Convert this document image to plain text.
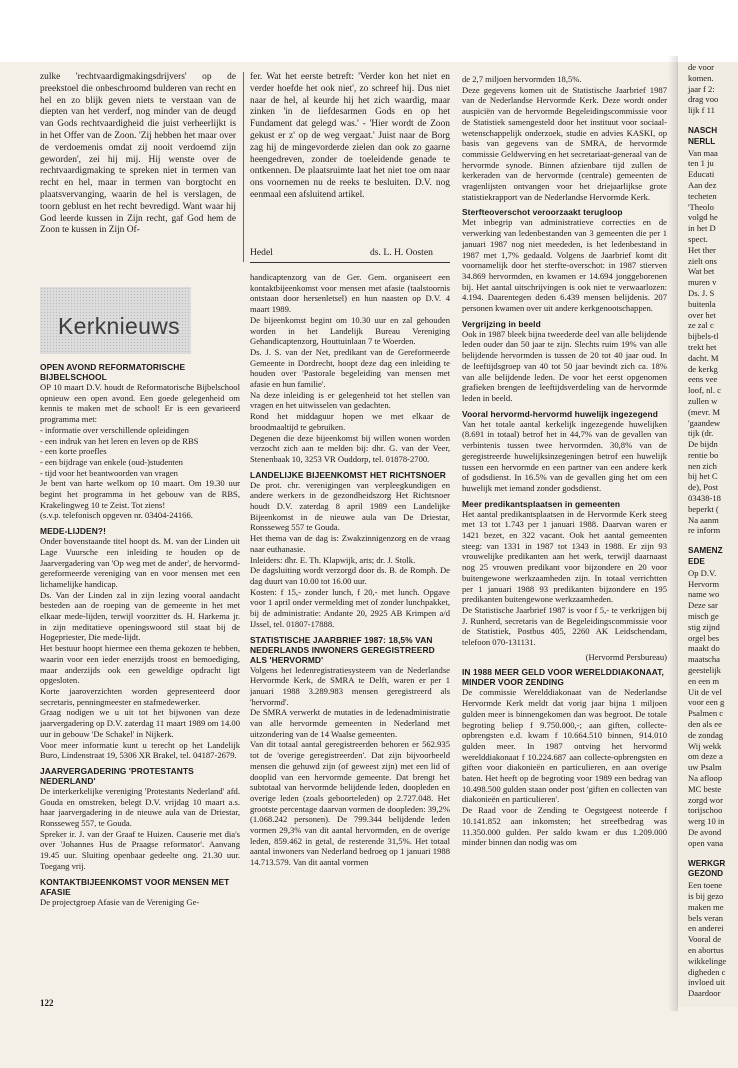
zulke 'rechtvaardigmakingsdrijvers' op de preekstoel die onbeschroomd bulderen van recht en hel en zo blijk geven niets te verstaan van de diepten van het verderf, nog minder van de deugd van Gods rechtvaardigheid die juist verheerlijkt is in het Offer van de Zoon. 'Zij hebben het maar over de verdoemenis omdat zij nooit verdoemd zijn geworden', zei hij mij. Hij wenste over de rechtvaardigmaking te spreken niet in termen van recht en hel, maar in termen van borgtocht en plaatsvervanging, waarin de hel is verslagen, de toorn geblust en het recht bevredigd. Want waar hij God leerde kussen in Zijn recht, gaf God hem de Zoon te kussen in Zijn Of-

fer. Wat het eerste betreft: 'Verder kon het niet en verder hoefde het ook niet', zo schreef hij. Dus niet naar de hel, al keurde hij het zich waardig, maar zinken 'in de liefdesarmen Gods en op het Fundament dat gelegd was.' - 'Hier wordt de Zoon gekust er z' op de weg vergaat.' Juist naar de Borg zag hij de mingevorderde zielen dan ook zo gaarne heengedreven, zonder de toeleidende genade te ontkennen. De plaatsruimte laat het niet toe om naar ons voornemen nu de reeks te besluiten. D.V. nog eenmaal een afsluitend artikel.

Hedel	ds. L. H. Oosten
Kerknieuws
OPEN AVOND REFORMATORISCHE BIJBELSCHOOL

OP 10 maart D.V. houdt de Reformatorische Bijbelschool opnieuw een open avond. Een goede gelegenheid om kennis te maken met de school! Er is een gevarieerd programma met:

- informatie over verschillende opleidingen

- een indruk van het leren en leven op de RBS

- een korte proefles

- een bijdrage van enkele (oud-)studenten

- tijd voor het beantwoorden van vragen

Je bent van harte welkom op 10 maart. Om 19.30 uur begint het programma in het gebouw van de RBS, Krakelingweg 10 te Zeist. Tot ziens!

(s.v.p. telefonisch opgeven nr. 03404-24166.

MEDE-LIJDEN?!

Onder bovenstaande titel hoopt ds. M. van der Linden uit Lage Vuursche een inleiding te houden op de Jaarvergadering van 'Op weg met de ander', de hervormd-gereformeerde vereniging van en voor mensen met een lichamelijke handicap.

Ds. Van der Linden zal in zijn lezing vooral aandacht besteden aan de roeping van de gemeente in het met elkaar mede-lijden, terwijl voorzitter ds. H. Harkema jr. in zijn meditatieve openingswoord stil staat bij de Hogepriester, Die mede-lijdt.

Het bestuur hoopt hiermee een thema gekozen te hebben, waarin voor een ieder enerzijds troost en bemoediging, maar anderzijds ook een geweldige opdracht ligt opgesloten.

Korte jaaroverzichten worden gepresenteerd door secretaris, penningmeester en stafmedewerker.

Graag nodigen we u uit tot het bijwonen van deze jaarvergadering op D.V. zaterdag 11 maart 1989 om 14.00 uur in gebouw 'De Schakel' in Nijkerk.

Voor meer informatie kunt u terecht op het Landelijk Buro, Lindenstraat 19, 5306 XR Brakel, tel. 04187-2679.

JAARVERGADERING 'PROTESTANTS NEDERLAND'

De interkerkelijke vereniging 'Protestants Nederland' afd. Gouda en omstreken, belegt D.V. vrijdag 10 maart a.s. haar jaarvergadering in de nieuwe aula van de Driestar, Ronsseweg 557, te Gouda.

Spreker ir. J. van der Graaf te Huizen. Causerie met dia's over 'Johannes Hus de Praagse reformator'. Aanvang 19.45 uur. Sluiting openbaar gedeelte ong. 21.30 uur. Toegang vrij.

KONTAKTBIJEENKOMST VOOR MENSEN MET AFASIE

De projectgroep Afasie van de Vereniging Ge-

handicaptenzorg van de Ger. Gem. organiseert een kontaktbijeenkomst voor mensen met afasie (taalstoornis ontstaan door hersenletsel) en hun naasten op D.V. 4 maart 1989.

De bijeenkomst begint om 10.30 uur en zal gehouden worden in het Landelijk Bureau Vereniging Gehandicaptenzorg, Houttuinlaan 7 te Woerden.

Ds. J. S. van der Net, predikant van de Gereformeerde Gemeente in Dordrecht, hoopt deze dag een inleiding te houden over 'Pastorale begeleiding van mensen met afasie en hun familie'.

Na deze inleiding is er gelegenheid tot het stellen van vragen en het uitwisselen van gedachten.

Rond het middaguur hopen we met elkaar de broodmaaltijd te gebruiken.

Degenen die deze bijeenkomst bij willen wonen worden verzocht zich aan te melden bij: dhr. G. van der Veer, Stenenbaak 10, 3253 VR Ouddorp, tel. 01878-2700.

LANDELIJKE BIJEENKOMST HET RICHTSNOER

De prot. chr. verenigingen van verpleegkundigen en andere werkers in de gezondheidszorg Het Richtsnoer houdt D.V. zaterdag 8 april 1989 een Landelijke Bijeenkomst in de nieuwe aula van De Driestar, Ronsseweg 557 te Gouda.

Het thema van de dag is: Zwakzinnigenzorg en de vraag naar euthanasie.

Inleiders: dhr. E. Th. Klapwijk, arts; dr. J. Stolk.

De dagsluiting wordt verzorgd door ds. B. de Romph. De dag duurt van 10.00 tot 16.00 uur.

Kosten: f 15,- zonder lunch, f 20,- met lunch. Opgave voor 1 april onder vermelding met of zonder lunchpakket, bij de administratie: Andante 20, 2925 AB Krimpen a/d IJssel, tel. 01807-17888.

STATISTISCHE JAARBRIEF 1987: 18,5% VAN NEDERLANDS INWONERS GEREGISTREERD ALS 'HERVORMD'

Volgens het ledenregistratiesysteem van de Nederlandse Hervormde Kerk, de SMRA te Delft, waren er per 1 januari 1988 3.289.983 mensen geregistreerd als 'hervormd'.

De SMRA verwerkt de mutaties in de ledenadministratie van alle hervormde gemeenten in Nederland met uitzondering van de 14 Waalse gemeenten.

Van dit totaal aantal geregistreerden behoren er 562.935 tot de 'overige geregistreerden'. Dat zijn bijvoorbeeld mensen die gehuwd zijn (of geweest zijn) met een lid of dooplid van een hervormde gemeente. Dat brengt het subtotaal van hervormde belijdende leden, doopleden en overige leden (zoals geboorteleden) op 2.727.048. Het grootste percentage daarvan vormen de doopleden: 39,2% (1.068.242 personen). De 799.344 belijdende leden vormen 29,3% van dit aantal hervormden, en de overige leden, 859.462 in getal, de resterende 31,5%. Het totaal aantal inwoners van Nederland bedroeg op 1 januari 1988 14.713.579. Van dit aantal vormen

de 2,7 miljoen hervormden 18,5%.

Deze gegevens komen uit de Statistische Jaarbrief 1987 van de Nederlandse Hervormde Kerk. Deze wordt onder auspiciën van de hervormde Begeleidingscommissie voor de Statistiek samengesteld door het instituut voor sociaal-wetenschappelijk onderzoek, studie en advies KASKI, op basis van gegevens van de SMRA, de hervormde commissie Geldwerving en het secretariaat-generaal van de hervormde synode. Binnen afzienbare tijd zullen de kerkeraden van de hervormde (centrale) gemeenten de vragenlijsten ontvangen voor het driejaarlijkse grote statistiekrapport van de Nederlandse Hervormde Kerk.

Sterfteoverschot veroorzaakt terugloop

Met inbegrip van administratieve correcties en de verwerking van ledenbestanden van 3 gemeenten die per 1 januari 1987 nog niet meededen, is het ledenbestand in 1987 met 1,7% gedaald. Volgens de Jaarbrief komt dit voornamelijk door het sterfte-overschot: in 1987 stierven 34.869 hervormden, en kwamen er 14.694 jonggeborenen bij. Het aantal uitschrijvingen is ook niet te verwaarlozen: 4.194. Daarentegen deden 6.439 mensen belijdenis. 207 personen kwamen over uit andere kerkgenootschappen.

Vergrijzing in beeld

Ook in 1987 bleek bijna tweederde deel van alle belijdende leden ouder dan 50 jaar te zijn. Slechts ruim 19% van alle belijdende hervormden is tussen de 20 tot 40 jaar oud. In de leeftijdsgroep van 40 tot 50 jaar bevindt zich ca. 18% van alle belijdende leden. De voor het eerst opgenomen grafieken brengen de leeftijdsverdeling van de hervormde leden in beeld.

Vooral hervormd-hervormd huwelijk ingezegend

Van het totale aantal kerkelijk ingezegende huwelijken (8.691 in totaal) betrof het in 44,7% van de gevallen van verbintenis tussen twee hervormden. 30,8% van de geregistreerde huwelijksinzegeningen betrof een huwelijk tussen een hervormde en een partner van een andere kerk of godsdienst. In 16.5% van de gevallen ging het om een huwelijk met iemand zonder godsdienst.

Meer predikantsplaatsen in gemeenten

Het aantal predikantsplaatsen in de Hervormde Kerk steeg met 13 tot 1.743 per 1 januari 1988. Daarvan waren er 1421 bezet, en 322 vacant. Ook het aantal gemeenten steeg: van 1331 in 1987 tot 1343 in 1988. Er zijn 93 vrouwelijke predikanten aan het werk, terwijl daarnaast nog 25 vrouwen predikant voor bijzondere en 20 voor buitengewone werkzaamheden zijn. In totaal verrichtten per 1 januari 1988 93 predikanten bijzondere en 195 predikanten buitengewone werkzaamheden.

De Statistische Jaarbrief 1987 is voor f 5,- te verkrijgen bij J. Runherd, secretaris van de Begeleidingscommissie voor de Statistiek, Postbus 405, 2260 AK Leidschendam, telefoon 070-131131.

(Hervormd Persbureau)

IN 1988 MEER GELD VOOR WERELDDIAKONAAT, MINDER VOOR ZENDING

De commissie Werelddiakonaat van de Nederlandse Hervormde Kerk meldt dat vorig jaar bijna 1 miljoen gulden meer is binnengekomen dan was begroot. De totale begroting beliep f 9.750.000,-; aan giften, collecte-opbrengsten e.d. kwam f 10.664.510 binnen, 914.010 gulden meer. In 1987 ontving het hervormd werelddiakonaat f 10.224.687 aan collecte-opbrengsten en giften voor diakonieën en particulieren, en aan overige baten. Het heeft op de begroting voor 1989 een bedrag van 10.498.500 gulden staan onder post 'giften en collecten van diakonieën en particulieren'.

De Raad voor de Zending te Oegstgeest noteerde f 10.141.852 aan inkomsten; het streefbedrag was 11.350.000 gulden. Per saldo kwam er dus 1.209.000 minder binnen dan nodig was om

122
de voor
komen.
jaar f 2:
drag voo
lijk f 11
NASCH
NERLL
Van maa
ten 1 ju
Educati
Aan dez
techeten
'Theolo
volgd he
in het D
spect.
Het ther
zielt ons
Wat bet
muren v
Ds. J. S
buitenla
over het
ze zal c
bijbels-tl
trekt het
dacht. M
de kerkg
eens vee
loof, nl. c
zullen w
(mevr. M
'gaandew
tijk (dr.
De bijdn
rentie bo
nen zich
bij het C
de), Post
03438-18
beperkt (
Na aanm
re inform
SAMENZ
EDE
Op D.V.
Hervorm
name wo
Deze sar
misch ge
stig zijnd
orgel bes
maakt do
maatscha
geestelijk
en een m
Uit de vel
voor een g
Psalmen c
den als ee
de zondag
Wij wekk
om deze a
uw Psalm
Na afloop
MC beste
zorgd wor
torijschoo
werg 10 in
De avond
open vana
WERKGR
GEZOND
Een toene
is bij gezo
maken me
bels veran
en anderei
Vooral de
en abortus
wikkelinge
digheden c
invloed uit
Daardoor
